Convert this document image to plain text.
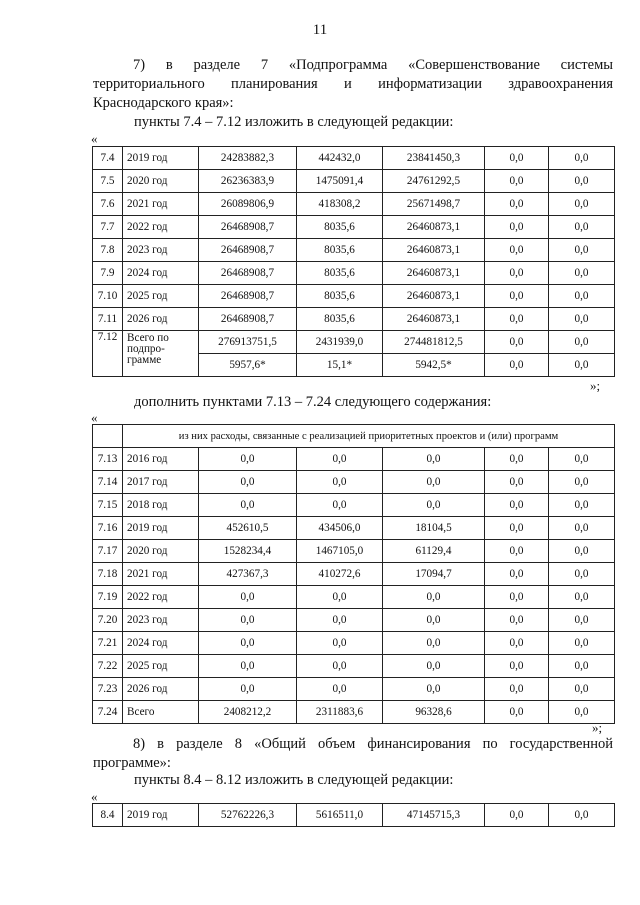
11
7) в разделе 7 «Подпрограмма «Совершенствование системы территориального планирования и информатизации здравоохранения Краснодарского края»:
пункты 7.4 – 7.12 изложить в следующей редакции:
«
7.4	2019 год	24283882,3	442432,0	23841450,3	0,0	0,0
7.5	2020 год	26236383,9	1475091,4	24761292,5	0,0	0,0
7.6	2021 год	26089806,9	418308,2	25671498,7	0,0	0,0
7.7	2022 год	26468908,7	8035,6	26460873,1	0,0	0,0
7.8	2023 год	26468908,7	8035,6	26460873,1	0,0	0,0
7.9	2024 год	26468908,7	8035,6	26460873,1	0,0	0,0
7.10	2025 год	26468908,7	8035,6	26460873,1	0,0	0,0
7.11	2026 год	26468908,7	8035,6	26460873,1	0,0	0,0
7.12	Всего по подпро-грамме	276913751,5	2431939,0	274481812,5	0,0	0,0
		5957,6*	15,1*	5942,5*	0,0	0,0
»;
дополнить пунктами 7.13 – 7.24 следующего содержания:
«
	из них расходы, связанные с реализацией приоритетных проектов и (или) программ					
7.13	2016 год	0,0	0,0	0,0	0,0	0,0
7.14	2017 год	0,0	0,0	0,0	0,0	0,0
7.15	2018 год	0,0	0,0	0,0	0,0	0,0
7.16	2019 год	452610,5	434506,0	18104,5	0,0	0,0
7.17	2020 год	1528234,4	1467105,0	61129,4	0,0	0,0
7.18	2021 год	427367,3	410272,6	17094,7	0,0	0,0
7.19	2022 год	0,0	0,0	0,0	0,0	0,0
7.20	2023 год	0,0	0,0	0,0	0,0	0,0
7.21	2024 год	0,0	0,0	0,0	0,0	0,0
7.22	2025 год	0,0	0,0	0,0	0,0	0,0
7.23	2026 год	0,0	0,0	0,0	0,0	0,0
7.24	Всего	2408212,2	2311883,6	96328,6	0,0	0,0
»;
8) в разделе 8 «Общий объем финансирования по государственной программе»:
пункты 8.4 – 8.12 изложить в следующей редакции:
«
8.4	2019 год	52762226,3	5616511,0	47145715,3	0,0	0,0
